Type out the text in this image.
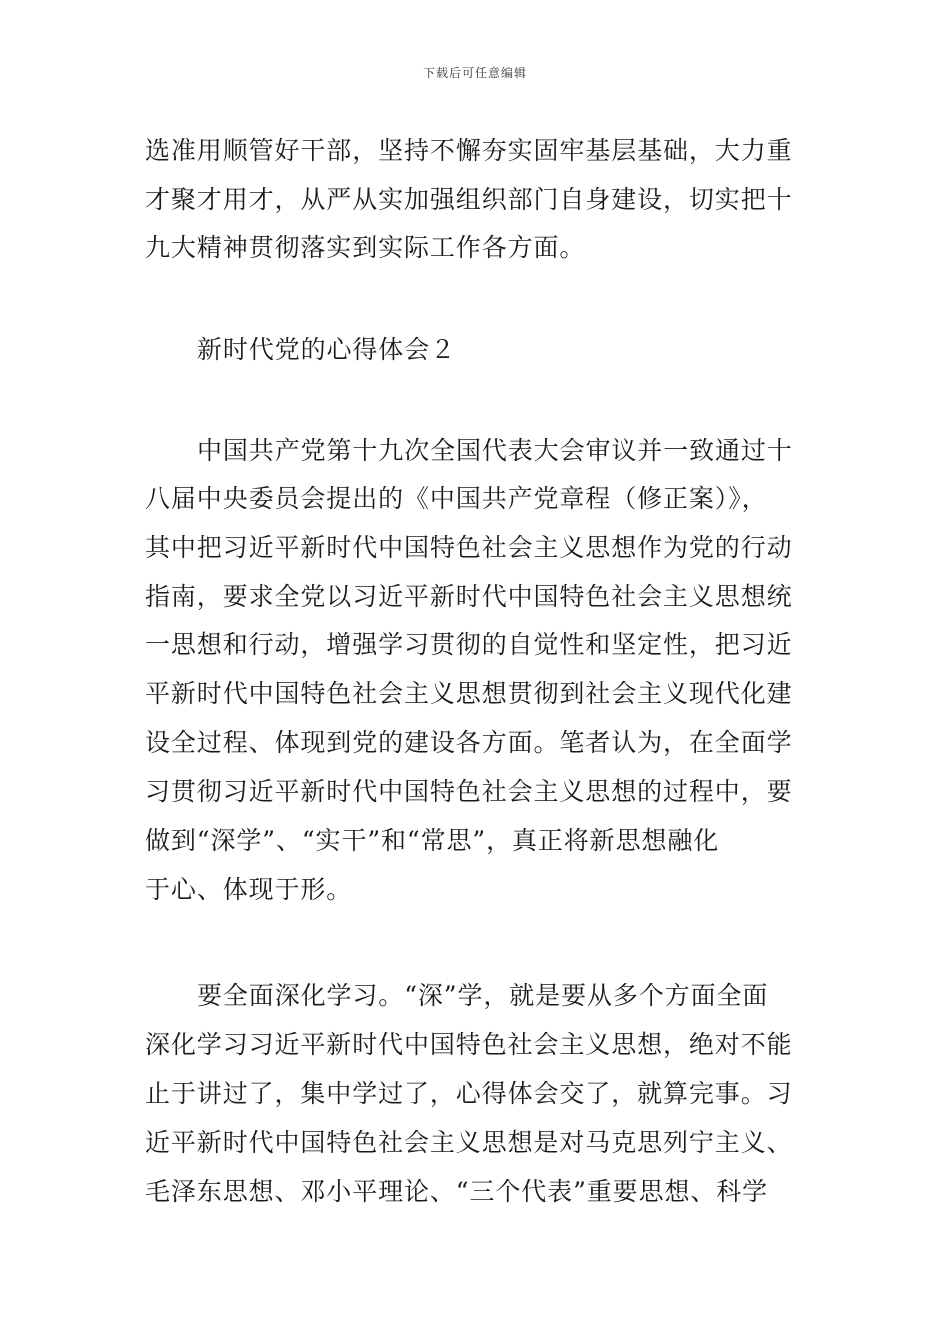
下载后可任意编辑
选准用顺管好干部，坚持不懈夯实固牢基层基础，大力重
才聚才用才，从严从实加强组织部门自身建设，切实把十
九大精神贯彻落实到实际工作各方面。
新时代党的心得体会２
中国共产党第十九次全国代表大会审议并一致通过十
八届中央委员会提出的《中国共产党章程（修正案）》，
其中把习近平新时代中国特色社会主义思想作为党的行动
指南，要求全党以习近平新时代中国特色社会主义思想统
一思想和行动，增强学习贯彻的自觉性和坚定性，把习近
平新时代中国特色社会主义思想贯彻到社会主义现代化建
设全过程、体现到党的建设各方面。笔者认为，在全面学
习贯彻习近平新时代中国特色社会主义思想的过程中，要
做到“深学”、“实干”和“常思”，真正将新思想融化
于心、体现于形。
要全面深化学习。“深”学，就是要从多个方面全面
深化学习习近平新时代中国特色社会主义思想，绝对不能
止于讲过了，集中学过了，心得体会交了，就算完事。习
近平新时代中国特色社会主义思想是对马克思列宁主义、
毛泽东思想、邓小平理论、“三个代表”重要思想、科学
